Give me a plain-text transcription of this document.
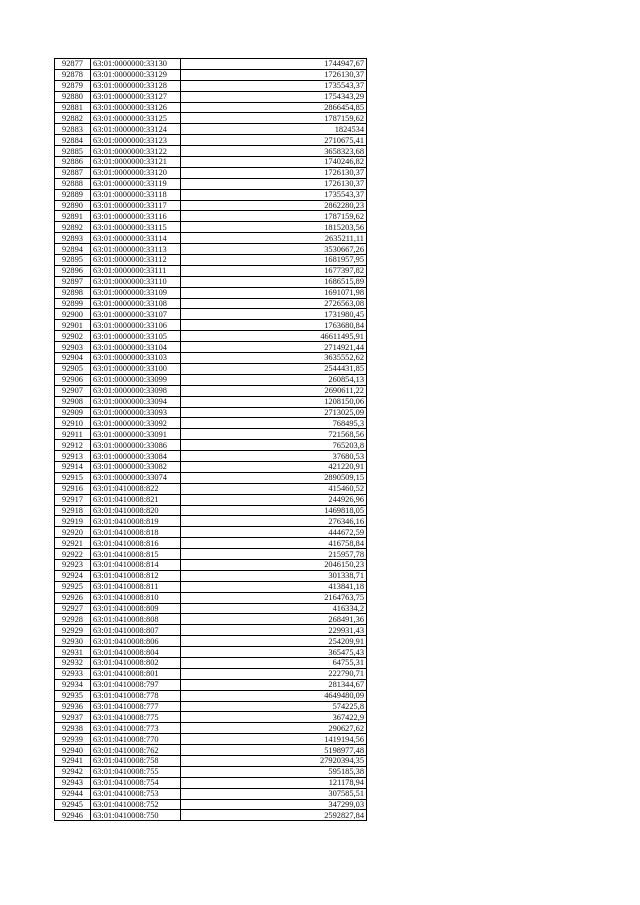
92877	63:01:0000000:33130	1744947,67
92878	63:01:0000000:33129	1726130,37
92879	63:01:0000000:33128	1735543,37
92880	63:01:0000000:33127	1754343,29
92881	63:01:0000000:33126	2866454,85
92882	63:01:0000000:33125	1787159,62
92883	63:01:0000000:33124	1824534
92884	63:01:0000000:33123	2710675,41
92885	63:01:0000000:33122	3658323,68
92886	63:01:0000000:33121	1740246,82
92887	63:01:0000000:33120	1726130,37
92888	63:01:0000000:33119	1726130,37
92889	63:01:0000000:33118	1735543,37
92890	63:01:0000000:33117	2862280,23
92891	63:01:0000000:33116	1787159,62
92892	63:01:0000000:33115	1815203,56
92893	63:01:0000000:33114	2635211,11
92894	63:01:0000000:33113	3530667,26
92895	63:01:0000000:33112	1681957,95
92896	63:01:0000000:33111	1677397,82
92897	63:01:0000000:33110	1686515,89
92898	63:01:0000000:33109	1691071,98
92899	63:01:0000000:33108	2726563,08
92900	63:01:0000000:33107	1731980,45
92901	63:01:0000000:33106	1763680,84
92902	63:01:0000000:33105	46611495,91
92903	63:01:0000000:33104	2714921,44
92904	63:01:0000000:33103	3635552,62
92905	63:01:0000000:33100	2544431,85
92906	63:01:0000000:33099	260854,13
92907	63:01:0000000:33098	2690611,22
92908	63:01:0000000:33094	1208150,06
92909	63:01:0000000:33093	2713025,09
92910	63:01:0000000:33092	768495,3
92911	63:01:0000000:33091	721568,56
92912	63:01:0000000:33086	765203,8
92913	63:01:0000000:33084	37680,53
92914	63:01:0000000:33082	421220,91
92915	63:01:0000000:33074	2890509,15
92916	63:01:0410008:822	415460,52
92917	63:01:0410008:821	244926,96
92918	63:01:0410008:820	1469818,05
92919	63:01:0410008:819	276346,16
92920	63:01:0410008:818	444672,59
92921	63:01:0410008:816	416758,84
92922	63:01:0410008:815	215957,78
92923	63:01:0410008:814	2046150,23
92924	63:01:0410008:812	301338,71
92925	63:01:0410008:811	413841,18
92926	63:01:0410008:810	2164763,75
92927	63:01:0410008:809	416334,2
92928	63:01:0410008:808	268491,36
92929	63:01:0410008:807	229931,43
92930	63:01:0410008:806	254209,91
92931	63:01:0410008:804	365475,43
92932	63:01:0410008:802	64755,31
92933	63:01:0410008:801	222790,71
92934	63:01:0410008:797	281344,67
92935	63:01:0410008:778	4649480,09
92936	63:01:0410008:777	574225,8
92937	63:01:0410008:775	367422,9
92938	63:01:0410008:773	290627,62
92939	63:01:0410008:770	1419194,56
92940	63:01:0410008:762	5198977,48
92941	63:01:0410008:758	27920394,35
92942	63:01:0410008:755	595185,38
92943	63:01:0410008:754	121178,94
92944	63:01:0410008:753	307585,51
92945	63:01:0410008:752	347299,03
92946	63:01:0410008:750	2592827,84
